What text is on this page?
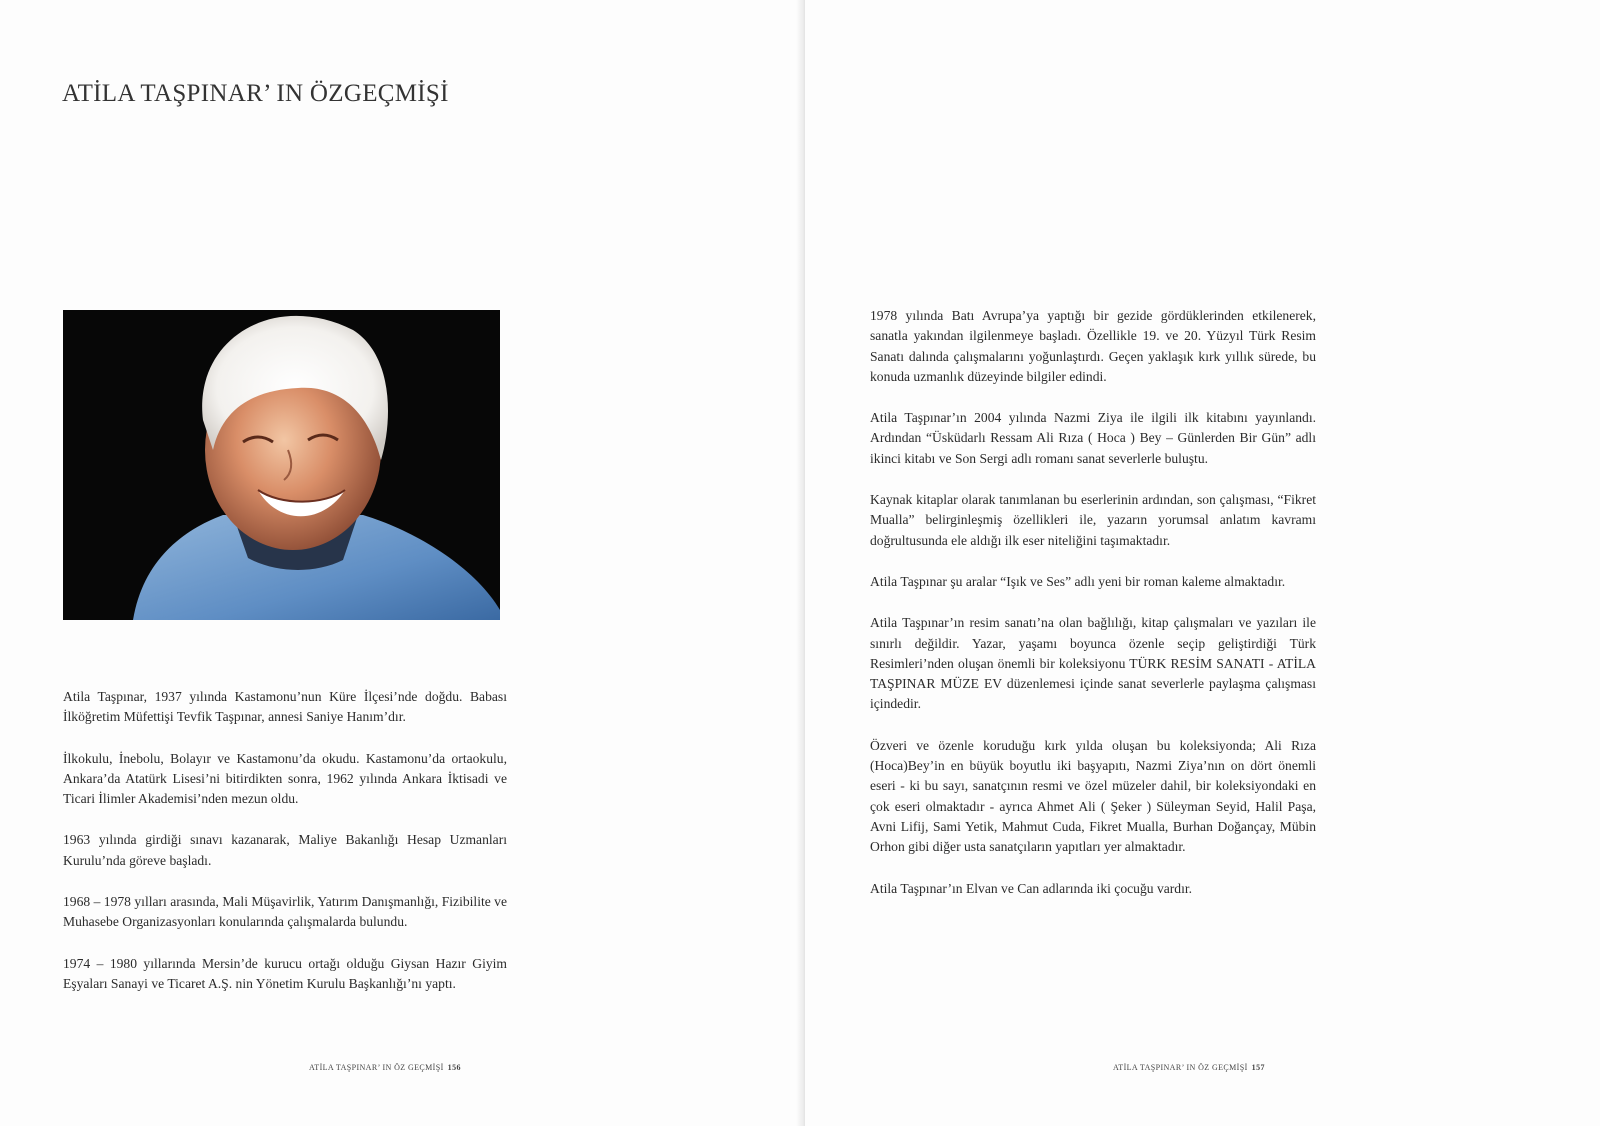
ATİLA TAŞPINAR’ IN ÖZGEÇMİŞİ

Atila Taşpınar, 1937 yılında Kastamonu’nun Küre İlçesi’nde doğdu. Babası İlköğretim Müfettişi Tevfik Taşpınar, annesi Saniye Hanım’dır.

İlkokulu, İnebolu, Bolayır ve Kastamonu’da okudu. Kastamonu’da ortaokulu, Ankara’da Atatürk Lisesi’ni bitirdikten sonra, 1962 yılında Ankara İktisadi ve Ticari İlimler Akademisi’nden mezun oldu.

1963 yılında girdiği sınavı kazanarak, Maliye Bakanlığı Hesap Uzmanları Kurulu’nda göreve başladı.

1968 – 1978 yılları arasında, Mali Müşavirlik, Yatırım Danışmanlığı, Fizibilite ve Muhasebe Organizasyonları konularında çalışmalarda bulundu.

1974 – 1980 yıllarında Mersin’de kurucu ortağı olduğu Giysan Hazır Giyim Eşyaları Sanayi ve Ticaret A.Ş. nin Yönetim Kurulu Başkanlığı’nı yaptı.

ATİLA TAŞPINAR’ IN ÖZ GEÇMİŞİ 156

1978 yılında Batı Avrupa’ya yaptığı bir gezide gördüklerinden etkilenerek, sanatla yakından ilgilenmeye başladı. Özellikle 19. ve 20. Yüzyıl Türk Resim Sanatı dalında çalışmalarını yoğunlaştırdı. Geçen yaklaşık kırk yıllık sürede, bu konuda uzmanlık düzeyinde bilgiler edindi.

Atila Taşpınar’ın 2004 yılında Nazmi Ziya ile ilgili ilk kitabını yayınlandı. Ardından “Üsküdarlı Ressam Ali Rıza ( Hoca ) Bey – Günlerden Bir Gün” adlı ikinci kitabı ve Son Sergi adlı romanı sanat severlerle buluştu.

Kaynak kitaplar olarak tanımlanan bu eserlerinin ardından, son çalışması, “Fikret Mualla” belirginleşmiş özellikleri ile, yazarın yorumsal anlatım kavramı doğrultusunda ele aldığı ilk eser niteliğini taşımaktadır.

Atila Taşpınar şu aralar “Işık ve Ses” adlı yeni bir roman kaleme almaktadır.

Atila Taşpınar’ın resim sanatı’na olan bağlılığı, kitap çalışmaları ve yazıları ile sınırlı değildir. Yazar, yaşamı boyunca özenle seçip geliştirdiği Türk Resimleri’nden oluşan önemli bir koleksiyonu TÜRK RESİM SANATI - ATİLA TAŞPINAR MÜZE EV düzenlemesi içinde sanat severlerle paylaşma çalışması içindedir.

Özveri ve özenle koruduğu kırk yılda oluşan bu koleksiyonda; Ali Rıza (Hoca)Bey’in en büyük boyutlu iki başyapıtı, Nazmi Ziya’nın on dört önemli eseri - ki bu sayı, sanatçının resmi ve özel müzeler dahil, bir koleksiyondaki en çok eseri olmaktadır - ayrıca Ahmet Ali ( Şeker ) Süleyman Seyid, Halil Paşa, Avni Lifij, Sami Yetik, Mahmut Cuda, Fikret Mualla, Burhan Doğançay, Mübin Orhon gibi diğer usta sanatçıların yapıtları yer almaktadır.

Atila Taşpınar’ın Elvan ve Can adlarında iki çocuğu vardır.

ATİLA TAŞPINAR’ IN ÖZ GEÇMİŞİ 157
